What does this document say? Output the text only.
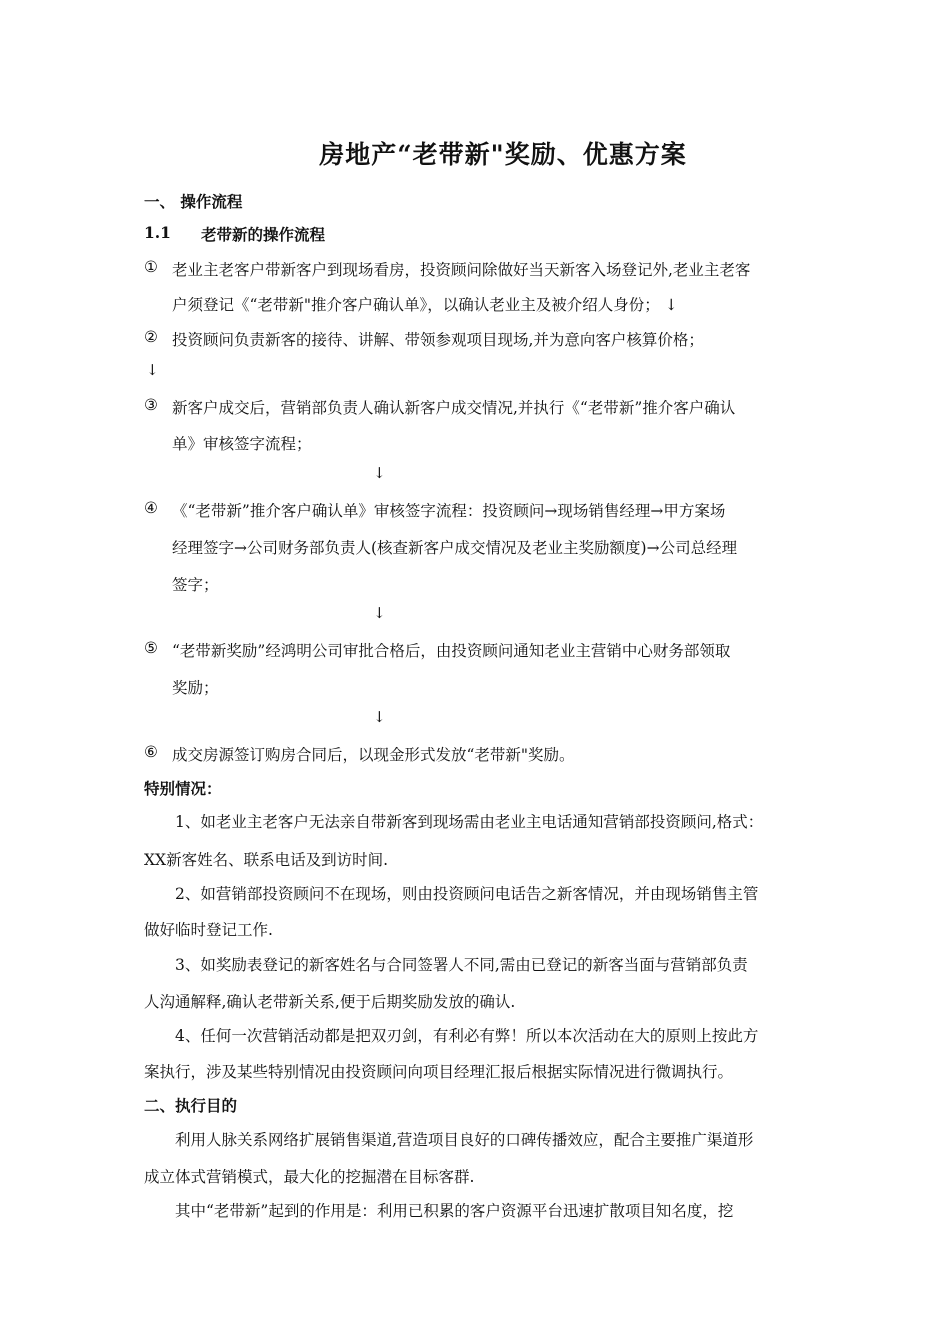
房地产“老带新"奖励、优惠方案
一、 操作流程
1.1 老带新的操作流程
① 老业主老客户带新客户到现场看房，投资顾问除做好当天新客入场登记外,老业主老客
户须登记《“老带新"推介客户确认单》，以确认老业主及被介绍人身份； ↓
② 投资顾问负责新客的接待、讲解、带领参观项目现场,并为意向客户核算价格；
↓
③ 新客户成交后，营销部负责人确认新客户成交情况,并执行《“老带新”推介客户确认
单》审核签字流程；
↓
④ 《“老带新”推介客户确认单》审核签字流程：投资顾问→现场销售经理→甲方案场
经理签字→公司财务部负责人(核查新客户成交情况及老业主奖励额度)→公司总经理
签字；
↓
⑤ “老带新奖励”经鸿明公司审批合格后，由投资顾问通知老业主营销中心财务部领取
奖励；
↓
⑥ 成交房源签订购房合同后，以现金形式发放“老带新"奖励。
特别情况：
1、如老业主老客户无法亲自带新客到现场需由老业主电话通知营销部投资顾问,格式：
XX新客姓名、联系电话及到访时间.
2、如营销部投资顾问不在现场，则由投资顾问电话告之新客情况，并由现场销售主管
做好临时登记工作.
3、如奖励表登记的新客姓名与合同签署人不同,需由已登记的新客当面与营销部负责
人沟通解释,确认老带新关系,便于后期奖励发放的确认.
4、任何一次营销活动都是把双刃剑，有利必有弊！所以本次活动在大的原则上按此方
案执行，涉及某些特别情况由投资顾问向项目经理汇报后根据实际情况进行微调执行。
二、执行目的
利用人脉关系网络扩展销售渠道,营造项目良好的口碑传播效应，配合主要推广渠道形
成立体式营销模式，最大化的挖掘潜在目标客群.
其中“老带新”起到的作用是：利用已积累的客户资源平台迅速扩散项目知名度，挖
